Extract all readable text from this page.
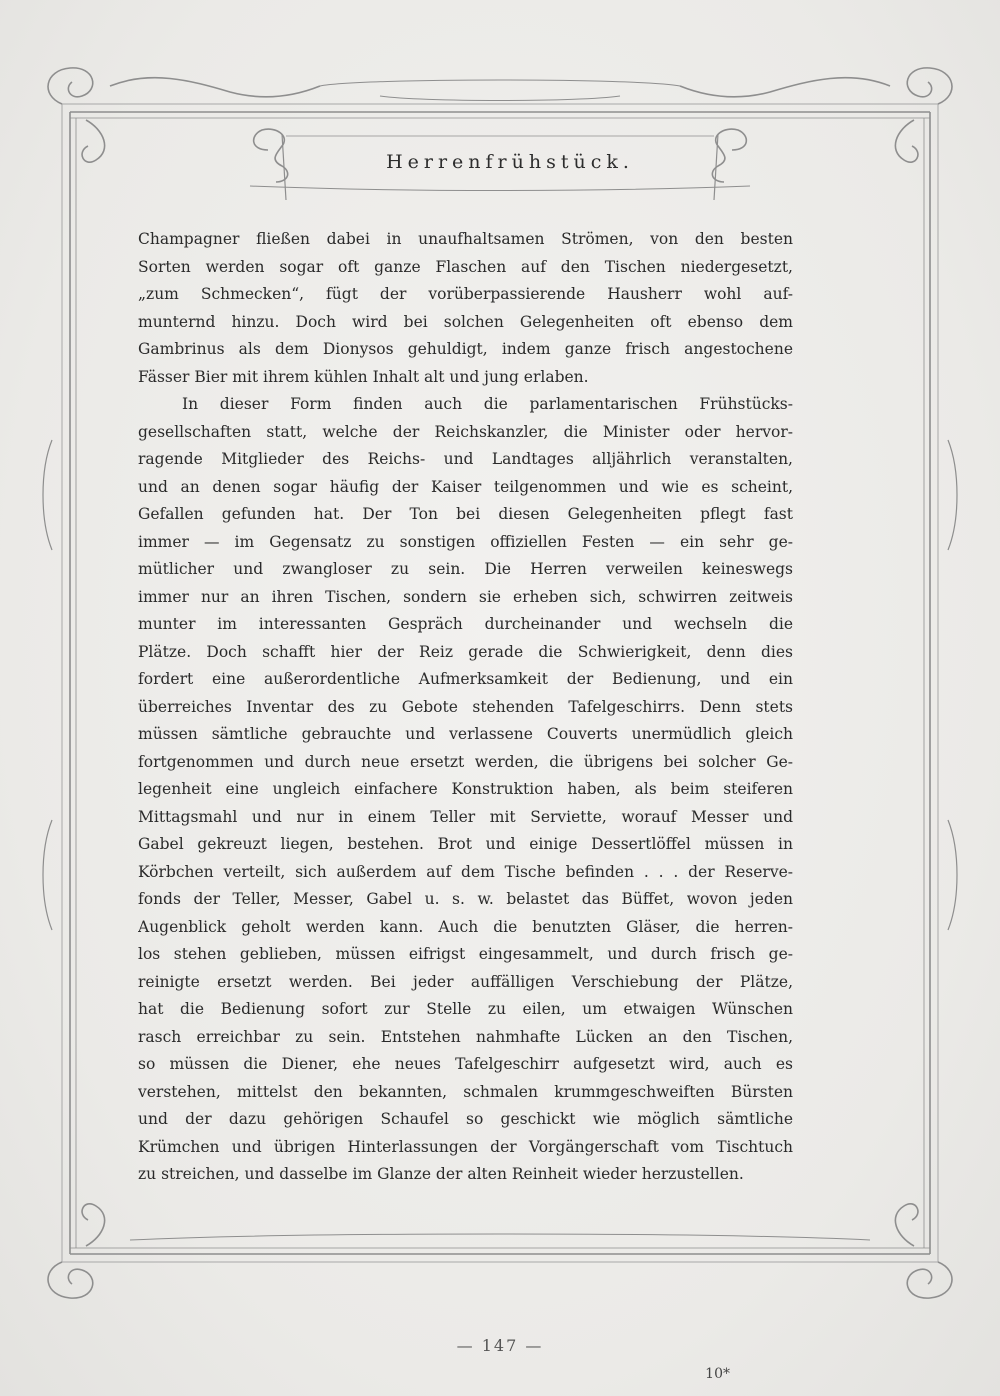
Herrenfrühstück.
Champagner fließen dabei in unaufhaltsamen Strömen, von den besten
Sorten werden sogar oft ganze Flaschen auf den Tischen niedergesetzt,
„zum Schmecken“, fügt der vorüberpassierende Hausherr wohl auf-
munternd hinzu. Doch wird bei solchen Gelegenheiten oft ebenso dem
Gambrinus als dem Dionysos gehuldigt, indem ganze frisch angestochene
Fässer Bier mit ihrem kühlen Inhalt alt und jung erlaben.
In dieser Form finden auch die parlamentarischen Frühstücks-
gesellschaften statt, welche der Reichskanzler, die Minister oder hervor-
ragende Mitglieder des Reichs- und Landtages alljährlich veranstalten,
und an denen sogar häufig der Kaiser teilgenommen und wie es scheint,
Gefallen gefunden hat. Der Ton bei diesen Gelegenheiten pflegt fast
immer — im Gegensatz zu sonstigen offiziellen Festen — ein sehr ge-
mütlicher und zwangloser zu sein. Die Herren verweilen keineswegs
immer nur an ihren Tischen, sondern sie erheben sich, schwirren zeitweis
munter im interessanten Gespräch durcheinander und wechseln die
Plätze. Doch schafft hier der Reiz gerade die Schwierigkeit, denn dies
fordert eine außerordentliche Aufmerksamkeit der Bedienung, und ein
überreiches Inventar des zu Gebote stehenden Tafelgeschirrs. Denn stets
müssen sämtliche gebrauchte und verlassene Couverts unermüdlich gleich
fortgenommen und durch neue ersetzt werden, die übrigens bei solcher Ge-
legenheit eine ungleich einfachere Konstruktion haben, als beim steiferen
Mittagsmahl und nur in einem Teller mit Serviette, worauf Messer und
Gabel gekreuzt liegen, bestehen. Brot und einige Dessertlöffel müssen in
Körbchen verteilt, sich außerdem auf dem Tische befinden . . . der Reserve-
fonds der Teller, Messer, Gabel u. s. w. belastet das Büffet, wovon jeden
Augenblick geholt werden kann. Auch die benutzten Gläser, die herren-
los stehen geblieben, müssen eifrigst eingesammelt, und durch frisch ge-
reinigte ersetzt werden. Bei jeder auffälligen Verschiebung der Plätze,
hat die Bedienung sofort zur Stelle zu eilen, um etwaigen Wünschen
rasch erreichbar zu sein. Entstehen nahmhafte Lücken an den Tischen,
so müssen die Diener, ehe neues Tafelgeschirr aufgesetzt wird, auch es
verstehen, mittelst den bekannten, schmalen krummgeschweiften Bürsten
und der dazu gehörigen Schaufel so geschickt wie möglich sämtliche
Krümchen und übrigen Hinterlassungen der Vorgängerschaft vom Tischtuch
zu streichen, und dasselbe im Glanze der alten Reinheit wieder herzustellen.
— 147 —
10*
